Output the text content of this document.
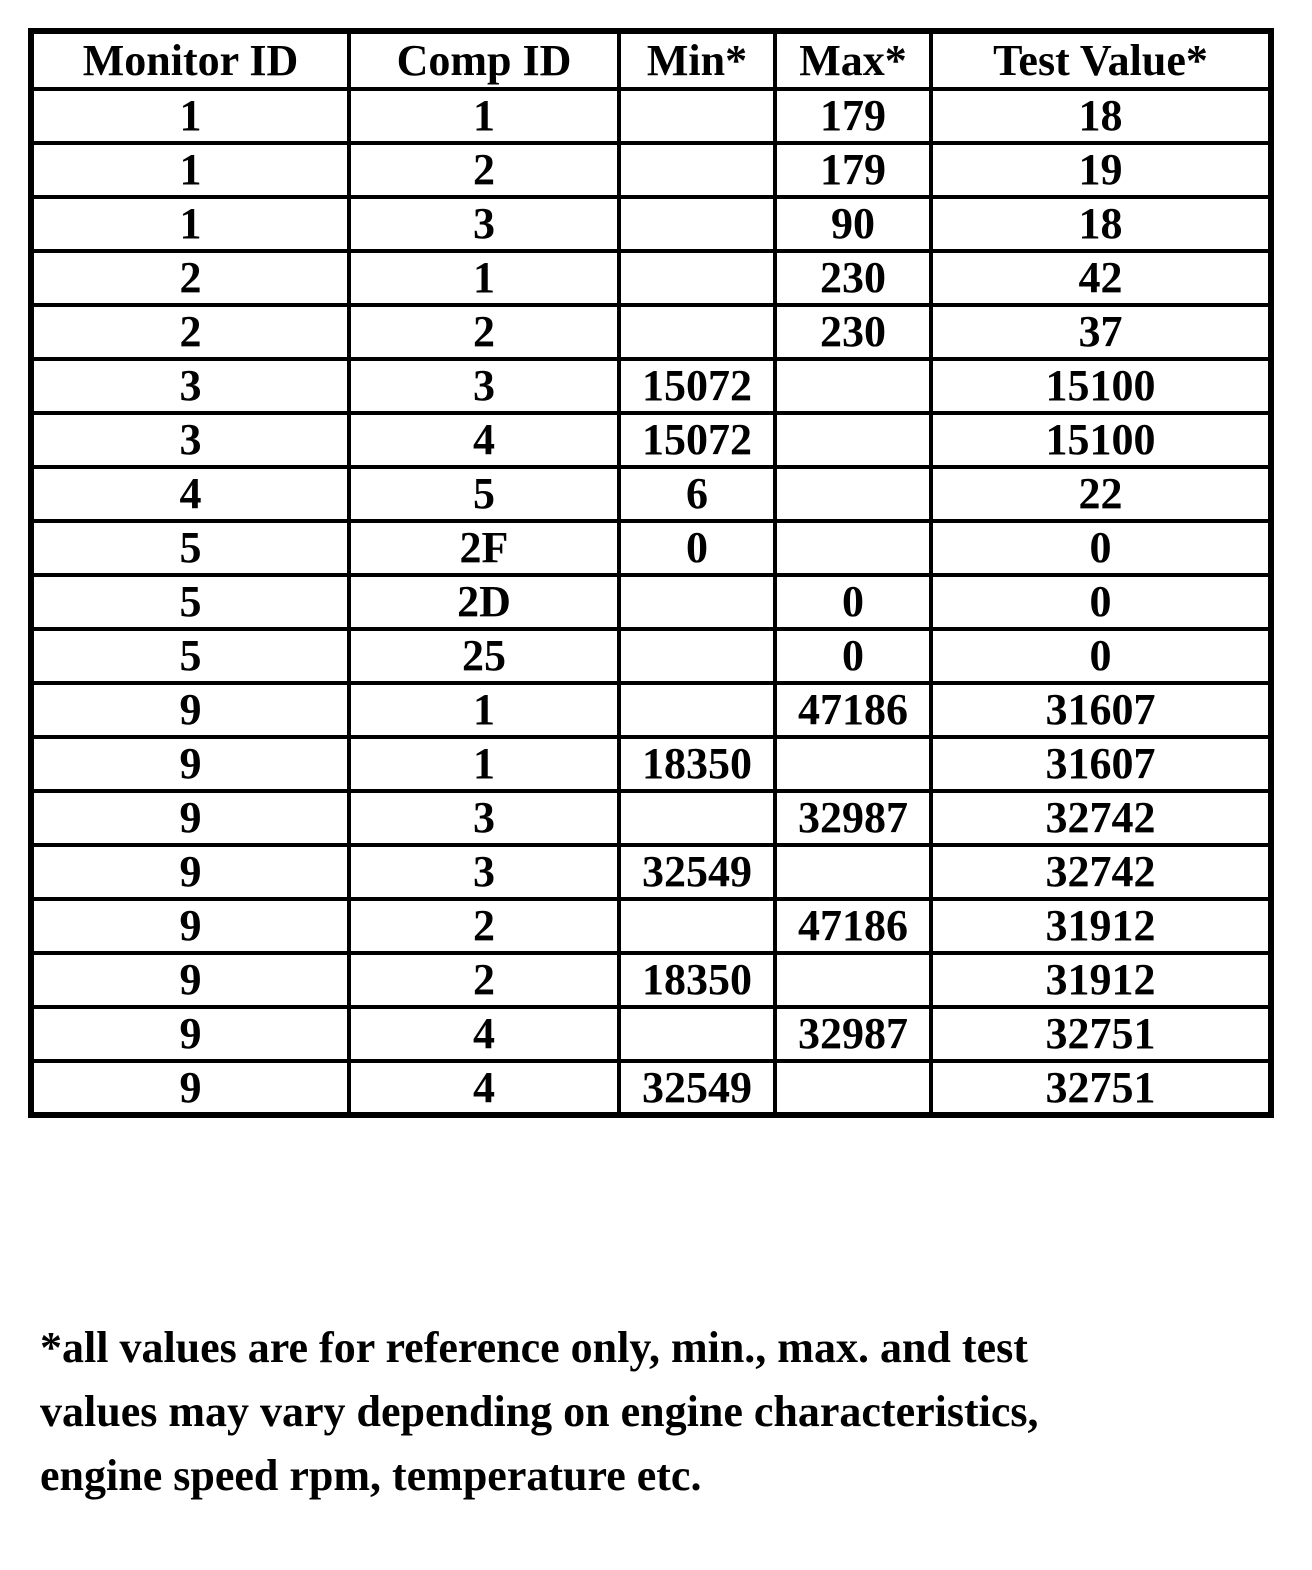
Monitor ID	Comp ID	Min*	Max*	Test Value*
1	1		179	18
1	2		179	19
1	3		90	18
2	1		230	42
2	2		230	37
3	3	15072		15100
3	4	15072		15100
4	5	6		22
5	2F	0		0
5	2D		0	0
5	25		0	0
9	1		47186	31607
9	1	18350		31607
9	3		32987	32742
9	3	32549		32742
9	2		47186	31912
9	2	18350		31912
9	4		32987	32751
9	4	32549		32751
*all values are for reference only, min., max. and test
values may vary depending on engine characteristics,
engine speed rpm, temperature etc.
